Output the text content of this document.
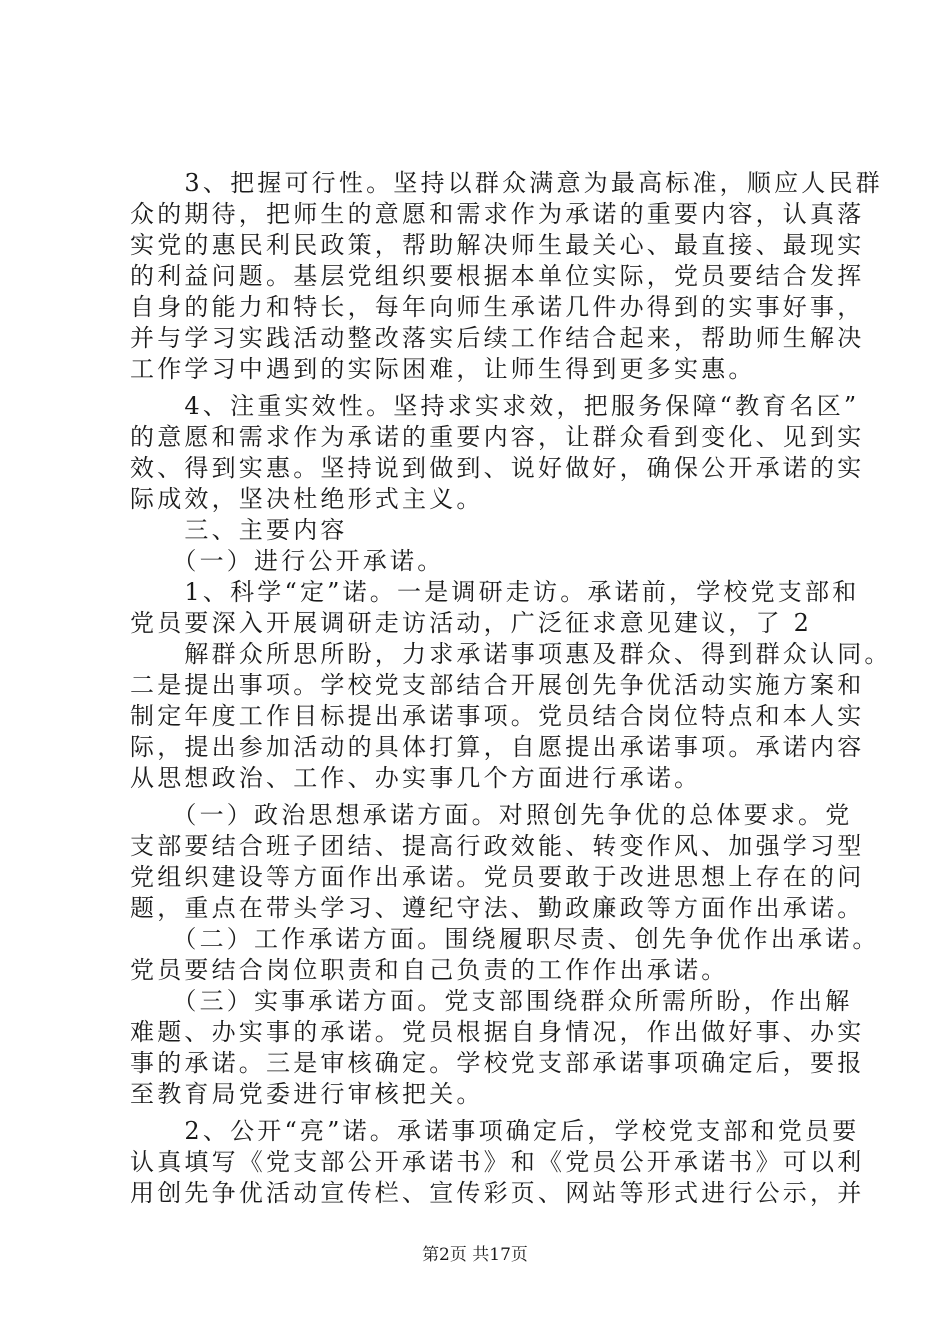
　　3、把握可行性。坚持以群众满意为最高标准，顺应人民群
众的期待，把师生的意愿和需求作为承诺的重要内容，认真落
实党的惠民利民政策，帮助解决师生最关心、最直接、最现实
的利益问题。基层党组织要根据本单位实际，党员要结合发挥
自身的能力和特长，每年向师生承诺几件办得到的实事好事，
并与学习实践活动整改落实后续工作结合起来，帮助师生解决
工作学习中遇到的实际困难，让师生得到更多实惠。
　　4、注重实效性。坚持求实求效，把服务保障“教育名区”
的意愿和需求作为承诺的重要内容，让群众看到变化、见到实
效、得到实惠。坚持说到做到、说好做好，确保公开承诺的实
际成效，坚决杜绝形式主义。
　　三、主要内容
　　（一）进行公开承诺。
　　1、科学“定”诺。一是调研走访。承诺前，学校党支部和
党员要深入开展调研走访活动，广泛征求意见建议，了 2
　　解群众所思所盼，力求承诺事项惠及群众、得到群众认同。
二是提出事项。学校党支部结合开展创先争优活动实施方案和
制定年度工作目标提出承诺事项。党员结合岗位特点和本人实
际，提出参加活动的具体打算，自愿提出承诺事项。承诺内容
从思想政治、工作、办实事几个方面进行承诺。
　　（一）政治思想承诺方面。对照创先争优的总体要求。党
支部要结合班子团结、提高行政效能、转变作风、加强学习型
党组织建设等方面作出承诺。党员要敢于改进思想上存在的问
题，重点在带头学习、遵纪守法、勤政廉政等方面作出承诺。
　　（二）工作承诺方面。围绕履职尽责、创先争优作出承诺。
党员要结合岗位职责和自己负责的工作作出承诺。
　　（三）实事承诺方面。党支部围绕群众所需所盼，作出解
难题、办实事的承诺。党员根据自身情况，作出做好事、办实
事的承诺。三是审核确定。学校党支部承诺事项确定后，要报
至教育局党委进行审核把关。
　　2、公开“亮”诺。承诺事项确定后，学校党支部和党员要
认真填写《党支部公开承诺书》和《党员公开承诺书》可以利
用创先争优活动宣传栏、宣传彩页、网站等形式进行公示，并
第2页 共17页
